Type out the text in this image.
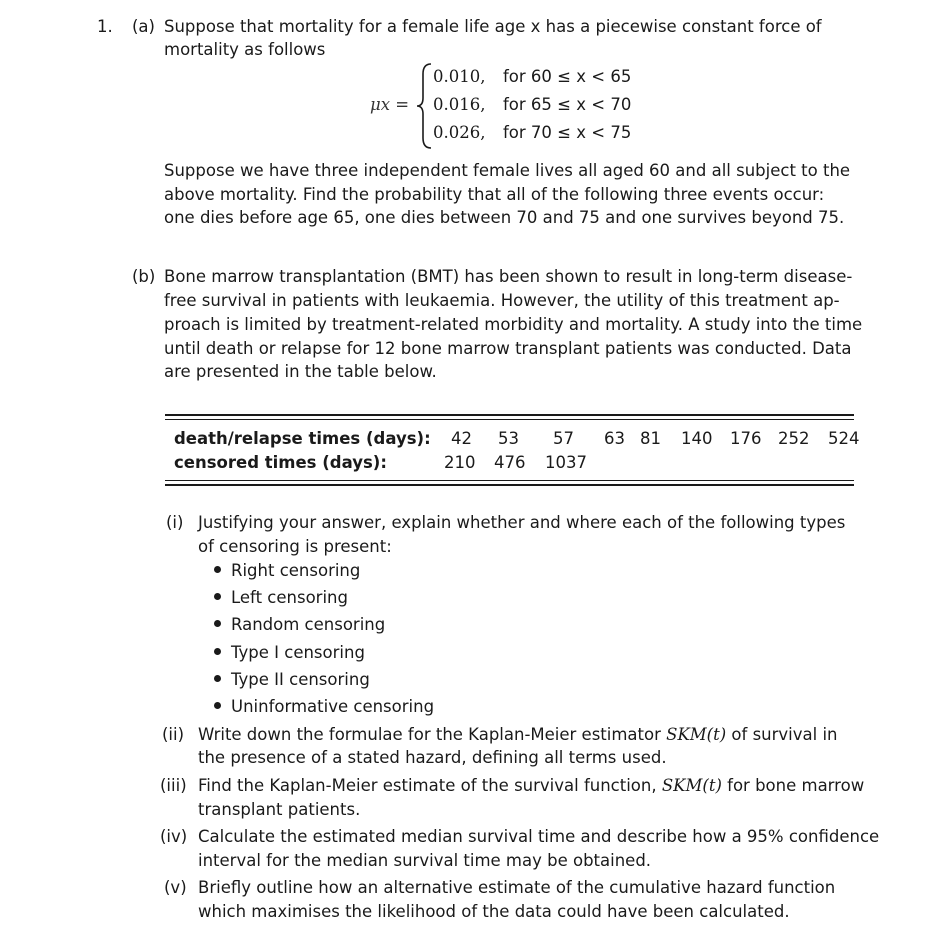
1. (a) Suppose that mortality for a female life age x has a piecewise constant force of
mortality as follows
μx =
0.010, for 60 ≤ x < 65
0.016, for 65 ≤ x < 70
0.026, for 70 ≤ x < 75
Suppose we have three independent female lives all aged 60 and all subject to the
above mortality. Find the probability that all of the following three events occur:
one dies before age 65, one dies between 70 and 75 and one survives beyond 75.
(b) Bone marrow transplantation (BMT) has been shown to result in long-term disease-
free survival in patients with leukaemia. However, the utility of this treatment ap-
proach is limited by treatment-related morbidity and mortality. A study into the time
until death or relapse for 12 bone marrow transplant patients was conducted. Data
are presented in the table below.
death/relapse times (days): 42 53 57 63 81 140 176 252 524
censored times (days):	210 476 1037
(i) Justifying your answer, explain whether and where each of the following types
of censoring is present:
Right censoring
Left censoring
Random censoring
Type I censoring
Type II censoring
Uninformative censoring
(ii) Write down the formulae for the Kaplan-Meier estimator SKM(t) of survival in
the presence of a stated hazard, defining all terms used.
(iii) Find the Kaplan-Meier estimate of the survival function, SKM(t) for bone marrow
transplant patients.
(iv) Calculate the estimated median survival time and describe how a 95% confidence
interval for the median survival time may be obtained.
(v) Briefly outline how an alternative estimate of the cumulative hazard function
which maximises the likelihood of the data could have been calculated.
